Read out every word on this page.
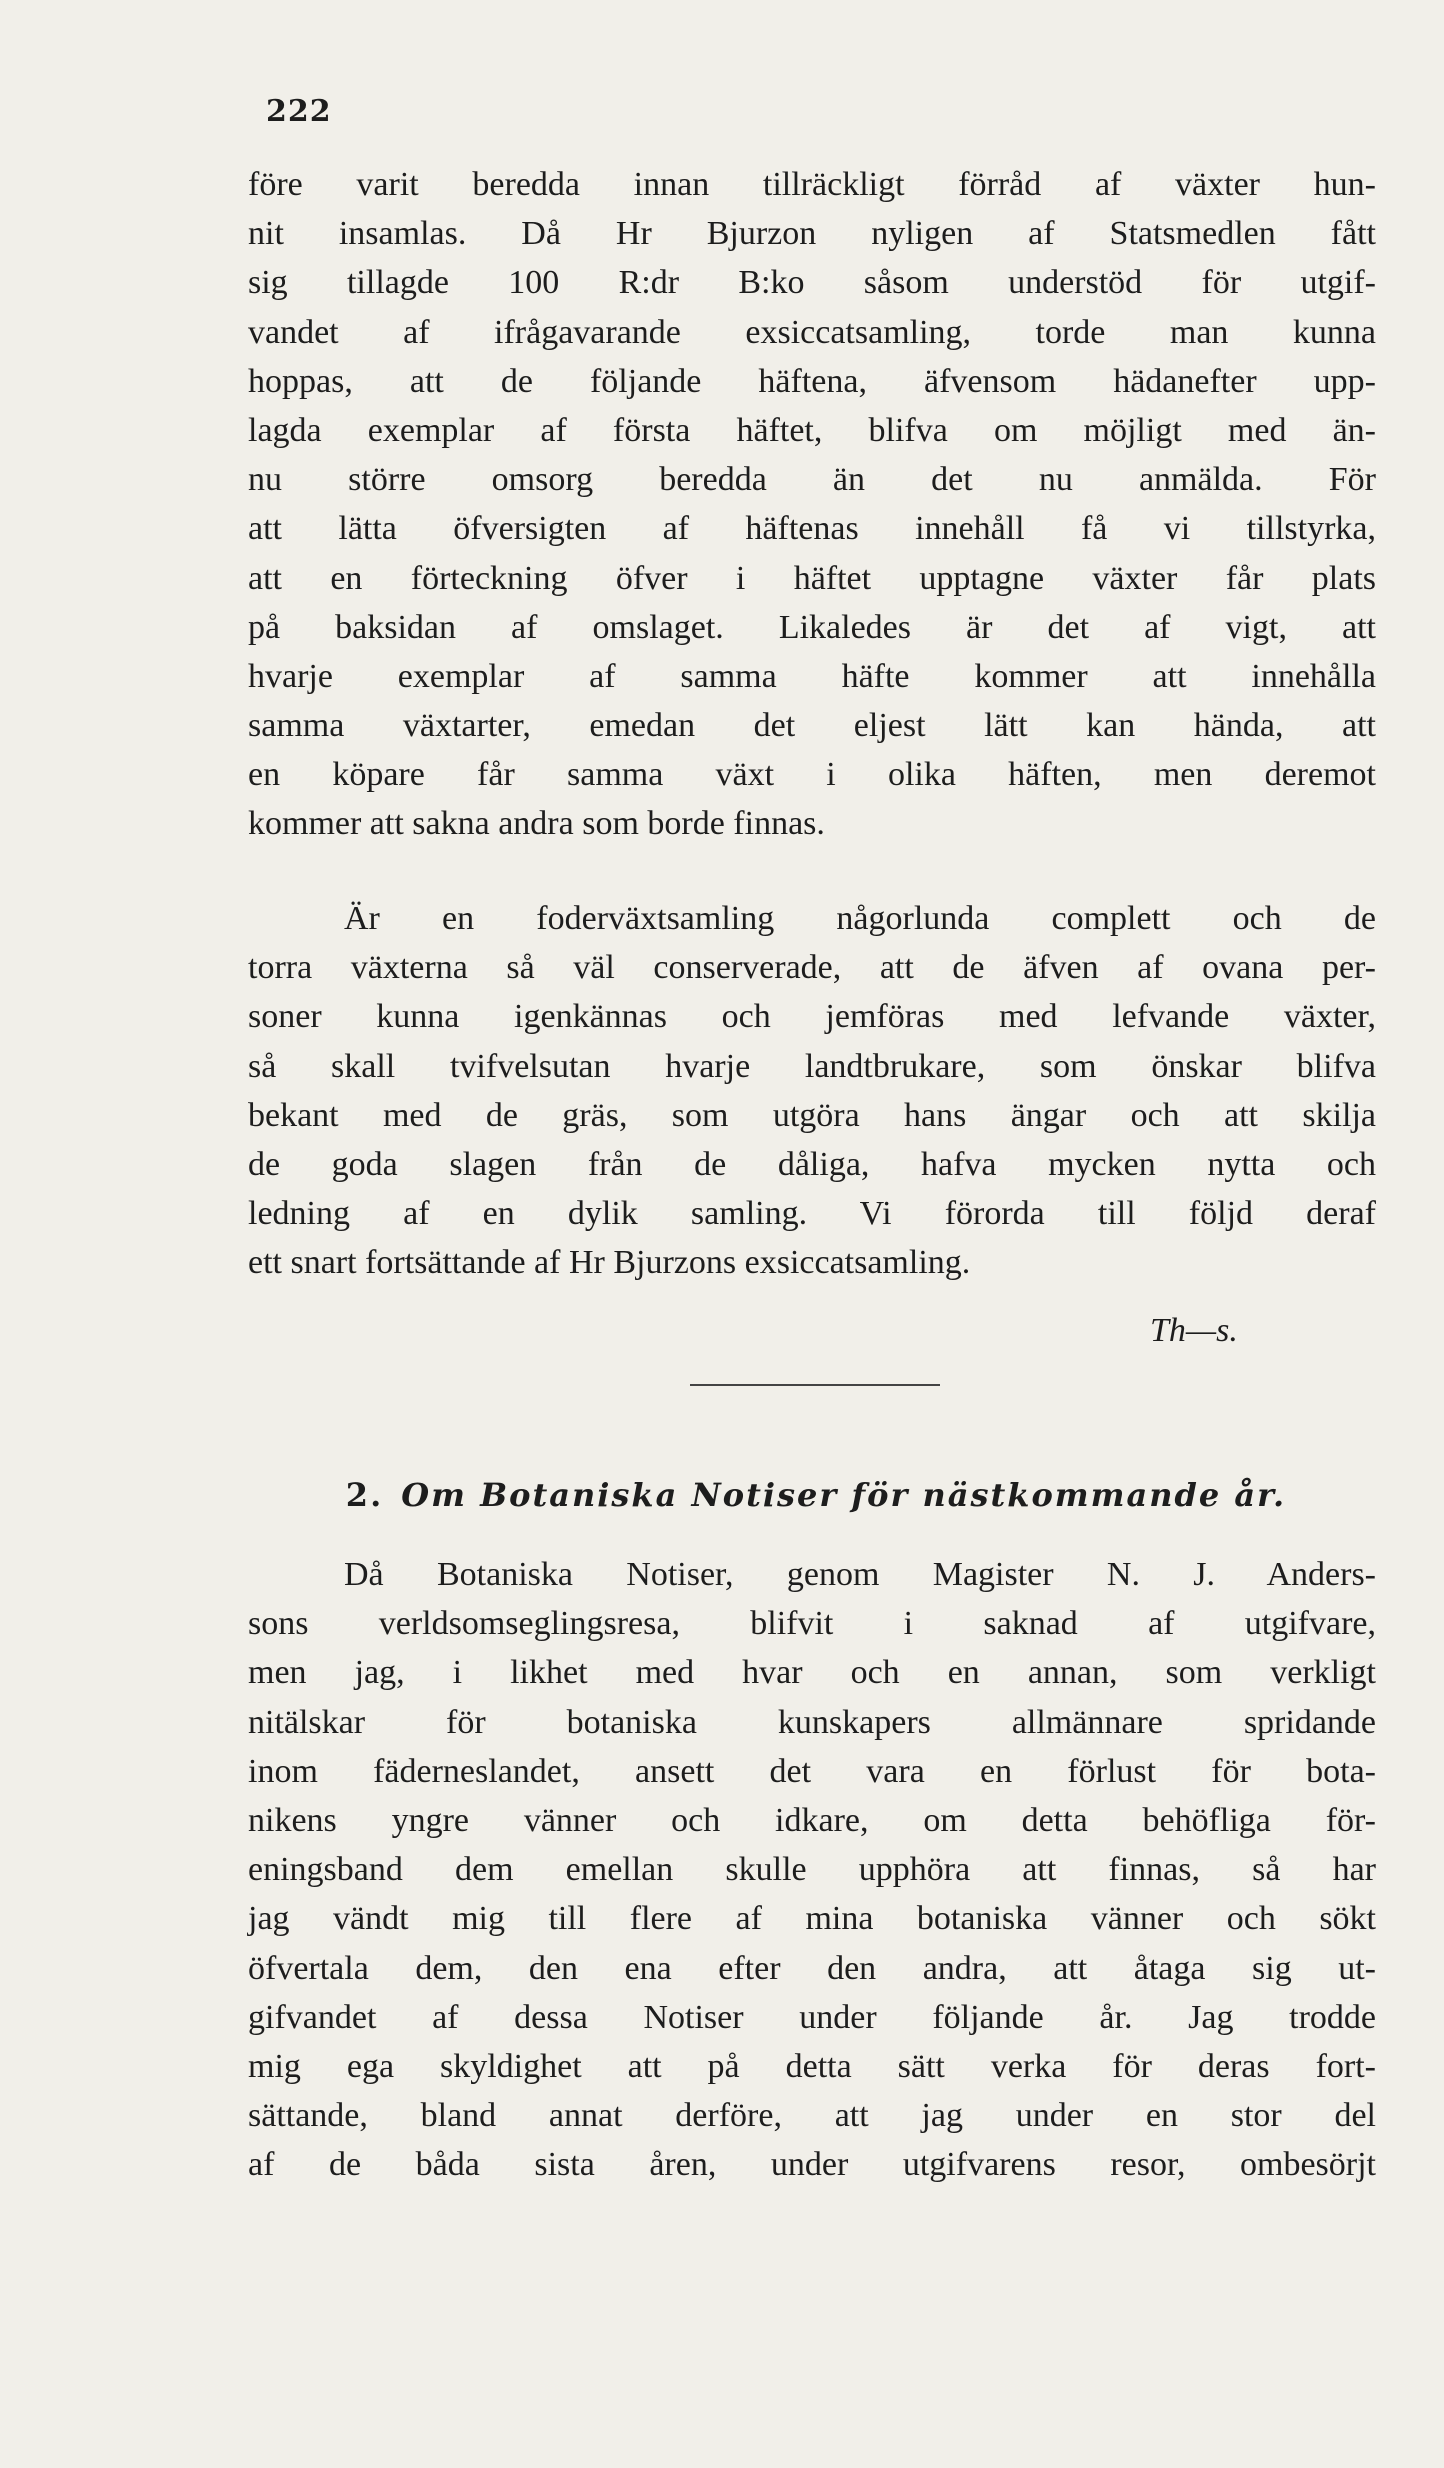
222
före varit beredda innan tillräckligt förråd af växter hun-
nit insamlas. Då Hr Bjurzon nyligen af Statsmedlen fått
sig tillagde 100 R:dr B:ko såsom understöd för utgif-
vandet af ifrågavarande exsiccatsamling, torde man kunna
hoppas, att de följande häftena, äfvensom hädanefter upp-
lagda exemplar af första häftet, blifva om möjligt med än-
nu större omsorg beredda än det nu anmälda. För
att lätta öfversigten af häftenas innehåll få vi tillstyrka,
att en förteckning öfver i häftet upptagne växter får plats
på baksidan af omslaget. Likaledes är det af vigt, att
hvarje exemplar af samma häfte kommer att innehålla
samma växtarter, emedan det eljest lätt kan hända, att
en köpare får samma växt i olika häften, men deremot
kommer att sakna andra som borde finnas.
Är en foderväxtsamling någorlunda complett och de
torra växterna så väl conserverade, att de äfven af ovana per-
soner kunna igenkännas och jemföras med lefvande växter,
så skall tvifvelsutan hvarje landtbrukare, som önskar blifva
bekant med de gräs, som utgöra hans ängar och att skilja
de goda slagen från de dåliga, hafva mycken nytta och
ledning af en dylik samling. Vi förorda till följd deraf
ett snart fortsättande af Hr Bjurzons exsiccatsamling.
Th—s.
2. Om Botaniska Notiser för nästkommande år.
Då Botaniska Notiser, genom Magister N. J. Anders-
sons verldsomseglingsresa, blifvit i saknad af utgifvare,
men jag, i likhet med hvar och en annan, som verkligt
nitälskar för botaniska kunskapers allmännare spridande
inom fäderneslandet, ansett det vara en förlust för bota-
nikens yngre vänner och idkare, om detta behöfliga för-
eningsband dem emellan skulle upphöra att finnas, så har
jag vändt mig till flere af mina botaniska vänner och sökt
öfvertala dem, den ena efter den andra, att åtaga sig ut-
gifvandet af dessa Notiser under följande år. Jag trodde
mig ega skyldighet att på detta sätt verka för deras fort-
sättande, bland annat derföre, att jag under en stor del
af de båda sista åren, under utgifvarens resor, ombesörjt
